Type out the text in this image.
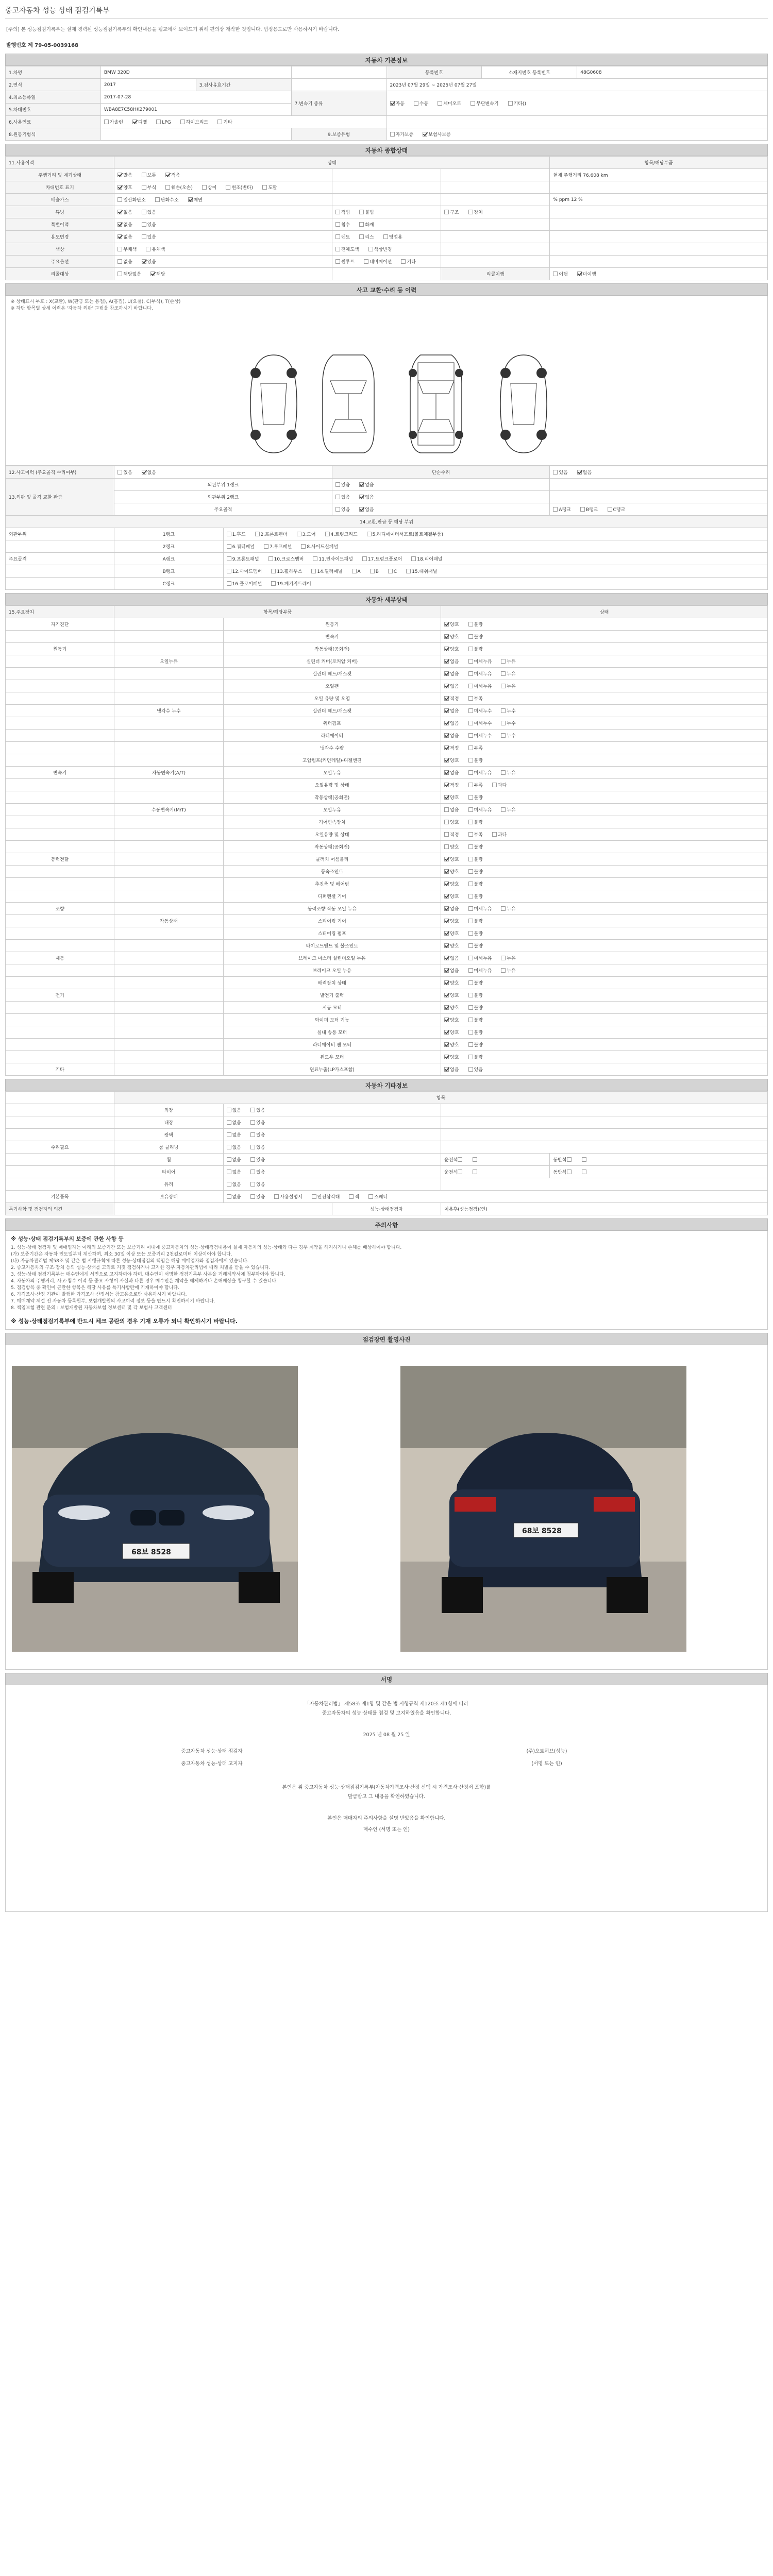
중고자동차 성능 상태 점검기록부
[주의] 본 성능점검기록부는 실제 경력된 성능점검기록부의 확인내용을 웹교에서 보여드기 위해 편의상 재작한 것입니다. 법정용도로만 사용하시기 바랍니다.
발행번호 제 79-05-0039168
자동차 기본정보
1.차명	BMW 320D			등록번호	소재지번호 등록번호	48G0608
2.연식	2017	3.검사유효기간		2023년 07월 29일 ~ 2025년 07월 27일		
4.최초등록일	2017-07-28		7.변속기 종류	자동 수동 세미오토 무단변속기 기타()		
5.차대번호	WBA8E7C58HK279001					
6.사용연료	가솔린 디젤 LPG 하이브리드 기타					
8.원동기형식			9.보증유형	자가보증 보험사보증		
자동차 종합상태
11.사용이력	상태			항목/해당부품
주행거리 및 계기상태	많음 보통 적음			현재 주행거리 76,608 km
차대번호 표기	양호 부식 훼손(오손) 상이 변조(변타) 도말			
배출가스	일산화탄소 탄화수소 매연			% ppm 12 %
튜닝	없음 있음	적법 불법	구조 장치	
특별이력	없음 있음	침수 화재		
용도변경	없음 있음	렌트 리스 영업용		
색상	무채색 유채색	전체도색 색상변경		
주요옵션	없음 있음	썬루프 네비게이션 기타		
리콜대상	해당없음 해당		리콜이행	이행 미이행
사고 교환·수리 등 이력
※ 상태표시 부호 : X(교환), W(판금 또는 용접), A(흠집), U(요철), C(부식), T(손상)
※ 하단 항목별 상세 이력은 '자동차 외판' 그림을 참조하시기 바랍니다.
12.사고이력 (주요골격 수리여부)	있음 없음		단순수리	있음 없음
13.외판 및 골격 교환 판금	외판부위 1랭크		있음 없음	
	외판부위 2랭크		있음 없음	
	주요골격		있음 없음	A랭크 B랭크 C랭크
14.교환,판금 등 해당 부위				
외판부위	1랭크	1.후드 2.프론트펜더 3.도어 4.트렁크리드 5.라디에이터서포트(볼트체결부품)		
	2랭크	6.쿼터패널 7.루프패널 8.사이드실패널		
주요골격	A랭크	9.프론트패널 10.크로스멤버 11.인사이드패널 17.트렁크플로어 18.리어패널		
	B랭크	12.사이드멤버 13.휠하우스 14.필러패널 A B C 15.대쉬패널		
	C랭크	16.플로어패널 19.패키지트레이		
자동차 세부상태
15.주요장치	항목/해당부품		상태
자기진단		원동기	양호 불량
		변속기	양호 불량
원동기		작동상태(공회전)	양호 불량
	오일누유	실린더 커버(로커암 커버)	없음 미세누유 누유
		실린더 헤드/개스켓	없음 미세누유 누유
		오일팬	없음 미세누유 누유
		오일 유량 및 오염	적정 부족
	냉각수 누수	실린더 헤드/개스켓	없음 미세누수 누수
		워터펌프	없음 미세누수 누수
		라디에이터	없음 미세누수 누수
		냉각수 수량	적정 부족
		고압펌프(커먼레일)-디젤엔진	양호 불량
변속기	자동변속기(A/T)	오일누유	없음 미세누유 누유
		오일유량 및 상태	적정 부족 과다
		작동상태(공회전)	양호 불량
	수동변속기(M/T)	오일누유	없음 미세누유 누유
		기어변속장치	양호 불량
		오일유량 및 상태	적정 부족 과다
		작동상태(공회전)	양호 불량
동력전달		클러치 어셈블리	양호 불량
		등속조인트	양호 불량
		추진축 및 베어링	양호 불량
		디퍼렌셜 기어	양호 불량
조향		동력조향 작동 오일 누유	없음 미세누유 누유
	작동상태	스티어링 기어	양호 불량
		스티어링 펌프	양호 불량
		타이로드엔드 및 볼조인트	양호 불량
제동		브레이크 마스터 실린더오일 누유	없음 미세누유 누유
		브레이크 오일 누유	없음 미세누유 누유
		배력장치 상태	양호 불량
전기		발전기 출력	양호 불량
		시동 모터	양호 불량
		와이퍼 모터 기능	양호 불량
		실내 송풍 모터	양호 불량
		라디에이터 팬 모터	양호 불량
		윈도우 모터	양호 불량
기타		연료누출(LP가스포함)	없음 있음
자동차 기타정보
	항목				
	외장	없음 있음			
	내장	없음 있음			
	광택	없음 있음			
수리필요	룸 클리닝	없음 있음			
	휠	없음 있음		운전석	동반석
	타이어	없음 있음		운전석	동반석
	유리	없음 있음			
기본품목	보유상태	없음 있음 사용설명서 안전삼각대 잭 스패너			
특기사항 및 점검자의 의견			성능·상태점검자	이용후(성능점검)(인)	
주의사항
※ 성능·상태 점검기록부의 보증에 관한 사항 등

1. 성능·상태 점검자 및 매매업자는 아래의 보증기간 또는 보증거리 이내에 중고자동차의 성능·상태점검내용이 실제 자동차의 성능·상태와 다른 경우 계약을 해지하거나 손해를 배상하여야 합니다.

(가) 보증기간은 자동차 인도일부터 계산하며, 최소 30일 이상 또는 보증거리 2천킬로미터 이상이어야 합니다.

(나) 자동차관리법 제58조 및 같은 법 시행규칙에 따른 성능·상태점검의 책임은 해당 매매업자와 점검자에게 있습니다.

2. 중고자동차의 구조·장치 등의 성능·상태를 고의로 거짓 점검하거나 고지한 경우 자동차관리법에 따라 처벌을 받을 수 있습니다.

3. 성능·상태 점검기록부는 매수인에게 서면으로 고지하여야 하며, 매수인이 서명한 점검기록부 사본을 거래계약서에 첨부하여야 합니다.

4. 자동차의 주행거리, 사고·침수 이력 등 중요 사항이 사실과 다른 경우 매수인은 계약을 해제하거나 손해배상을 청구할 수 있습니다.

5. 점검항목 중 확인이 곤란한 항목은 해당 사유를 특기사항란에 기재하여야 합니다.

6. 가격조사·산정 기관이 발행한 가격조사·산정서는 참고용으로만 사용하시기 바랍니다.

7. 매매계약 체결 전 자동차 등록원부, 보험개발원의 사고이력 정보 등을 반드시 확인하시기 바랍니다.

8. 책임보험 관련 문의 : 보험개발원 자동차보험 정보센터 및 각 보험사 고객센터

※ 성능·상태점검기록부에 반드시 체크 공란의 경우 기재 오류가 되니 확인하시기 바랍니다.
점검장면 촬영사진
68보 8528
68보 8528
서명
「자동차관리법」 제58조 제1항 및 같은 법 시행규칙 제120조 제1항에 따라
중고자동차의 성능·상태를 점검 및 고지하였음을 확인합니다.
2025 년 08 월 25 일
중고자동차 성능·상태 점검자	(주)오토허브(성능)
중고자동차 성능·상태 고지자	(서명 또는 인)
본인은 위 중고자동차 성능·상태점검기록부(자동차가격조사·산정 선택 시 가격조사·산정서 포함)를
발급받고 그 내용을 확인하였습니다.
본인은 매매자의 주의사항을 설명 받았음을 확인합니다.
매수인 (서명 또는 인)
